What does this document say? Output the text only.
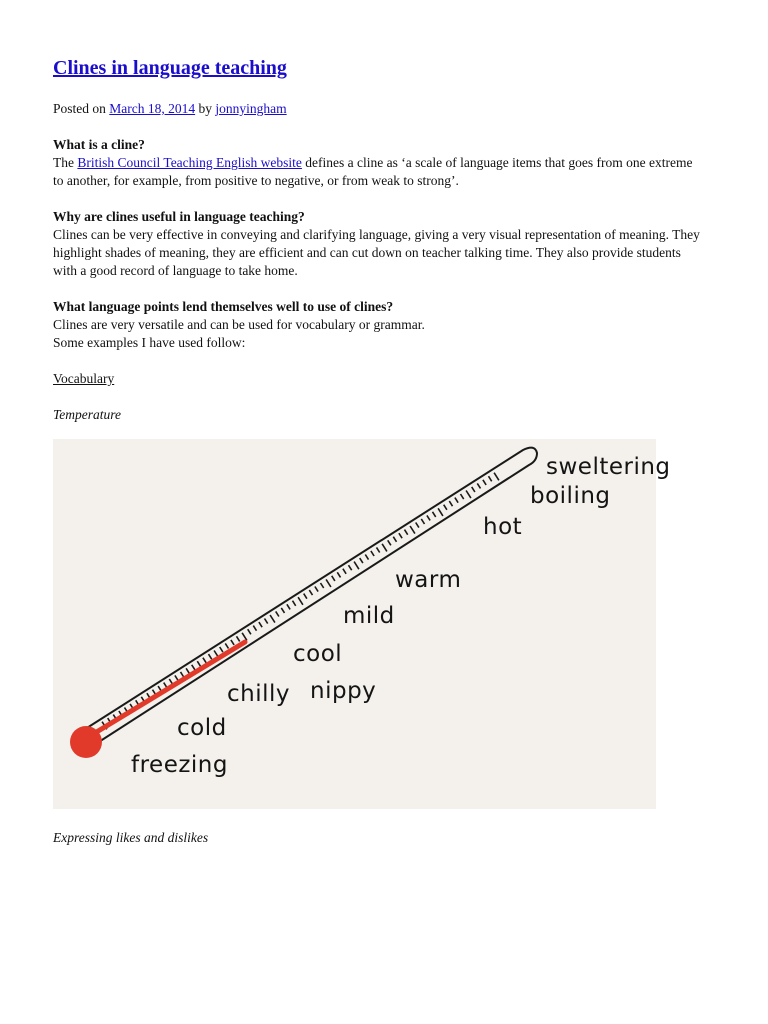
Clines in language teaching
Posted on March 18, 2014 by jonnyingham
What is a cline?
The British Council Teaching English website defines a cline as ‘a scale of language items that goes from one extreme to another, for example, from positive to negative, or from weak to strong’.
Why are clines useful in language teaching?
Clines can be very effective in conveying and clarifying language, giving a very visual representation of meaning. They highlight shades of meaning, they are efficient and can cut down on teacher talking time. They also provide students with a good record of language to take home.
What language points lend themselves well to use of clines?
Clines are very versatile and can be used for vocabulary or grammar.
Some examples I have used follow:
Vocabulary
Temperature
sweltering
boiling
hot
warm
mild
cool
chilly nippy
cold
freezing
Expressing likes and dislikes
